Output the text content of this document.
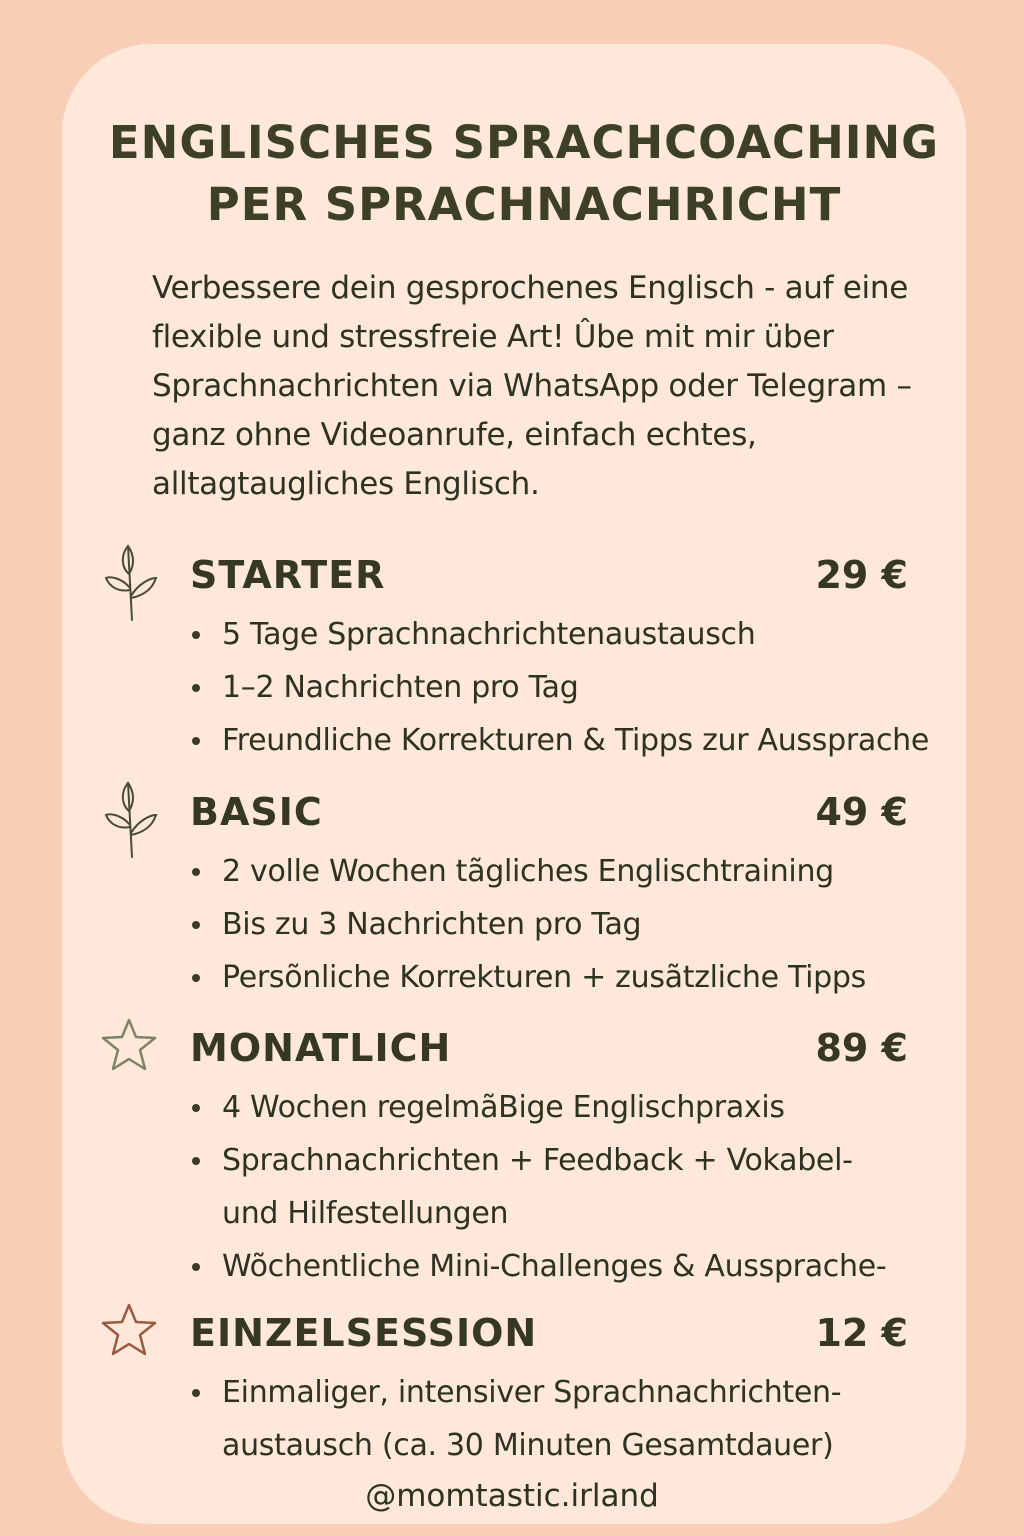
ENGLISCHES SPRACHCOACHING
PER SPRACHNACHRICHT
Verbessere dein gesprochenes Englisch - auf eine
flexible und stressfreie Art! Ûbe mit mir über
Sprachnachrichten via WhatsApp oder Telegram –
ganz ohne Videoanrufe, einfach echtes,
alltagtaugliches Englisch.
STARTER	29 €
5 Tage Sprachnachrichtenaustausch
1–2 Nachrichten pro Tag
Freundliche Korrekturen & Tipps zur Aussprache
BASIC	49 €
2 volle Wochen tãgliches Englischtraining
Bis zu 3 Nachrichten pro Tag
Persõnliche Korrekturen + zusãtzliche Tipps
MONATLICH	89 €
4 Wochen regelmãBige Englischpraxis
Sprachnachrichten + Feedback + Vokabel-
und Hilfestellungen
Wõchentliche Mini-Challenges & Aussprache-
EINZELSESSION	12 €
Einmaliger, intensiver Sprachnachrichten-
austausch (ca. 30 Minuten Gesamtdauer)
@momtastic.irland
